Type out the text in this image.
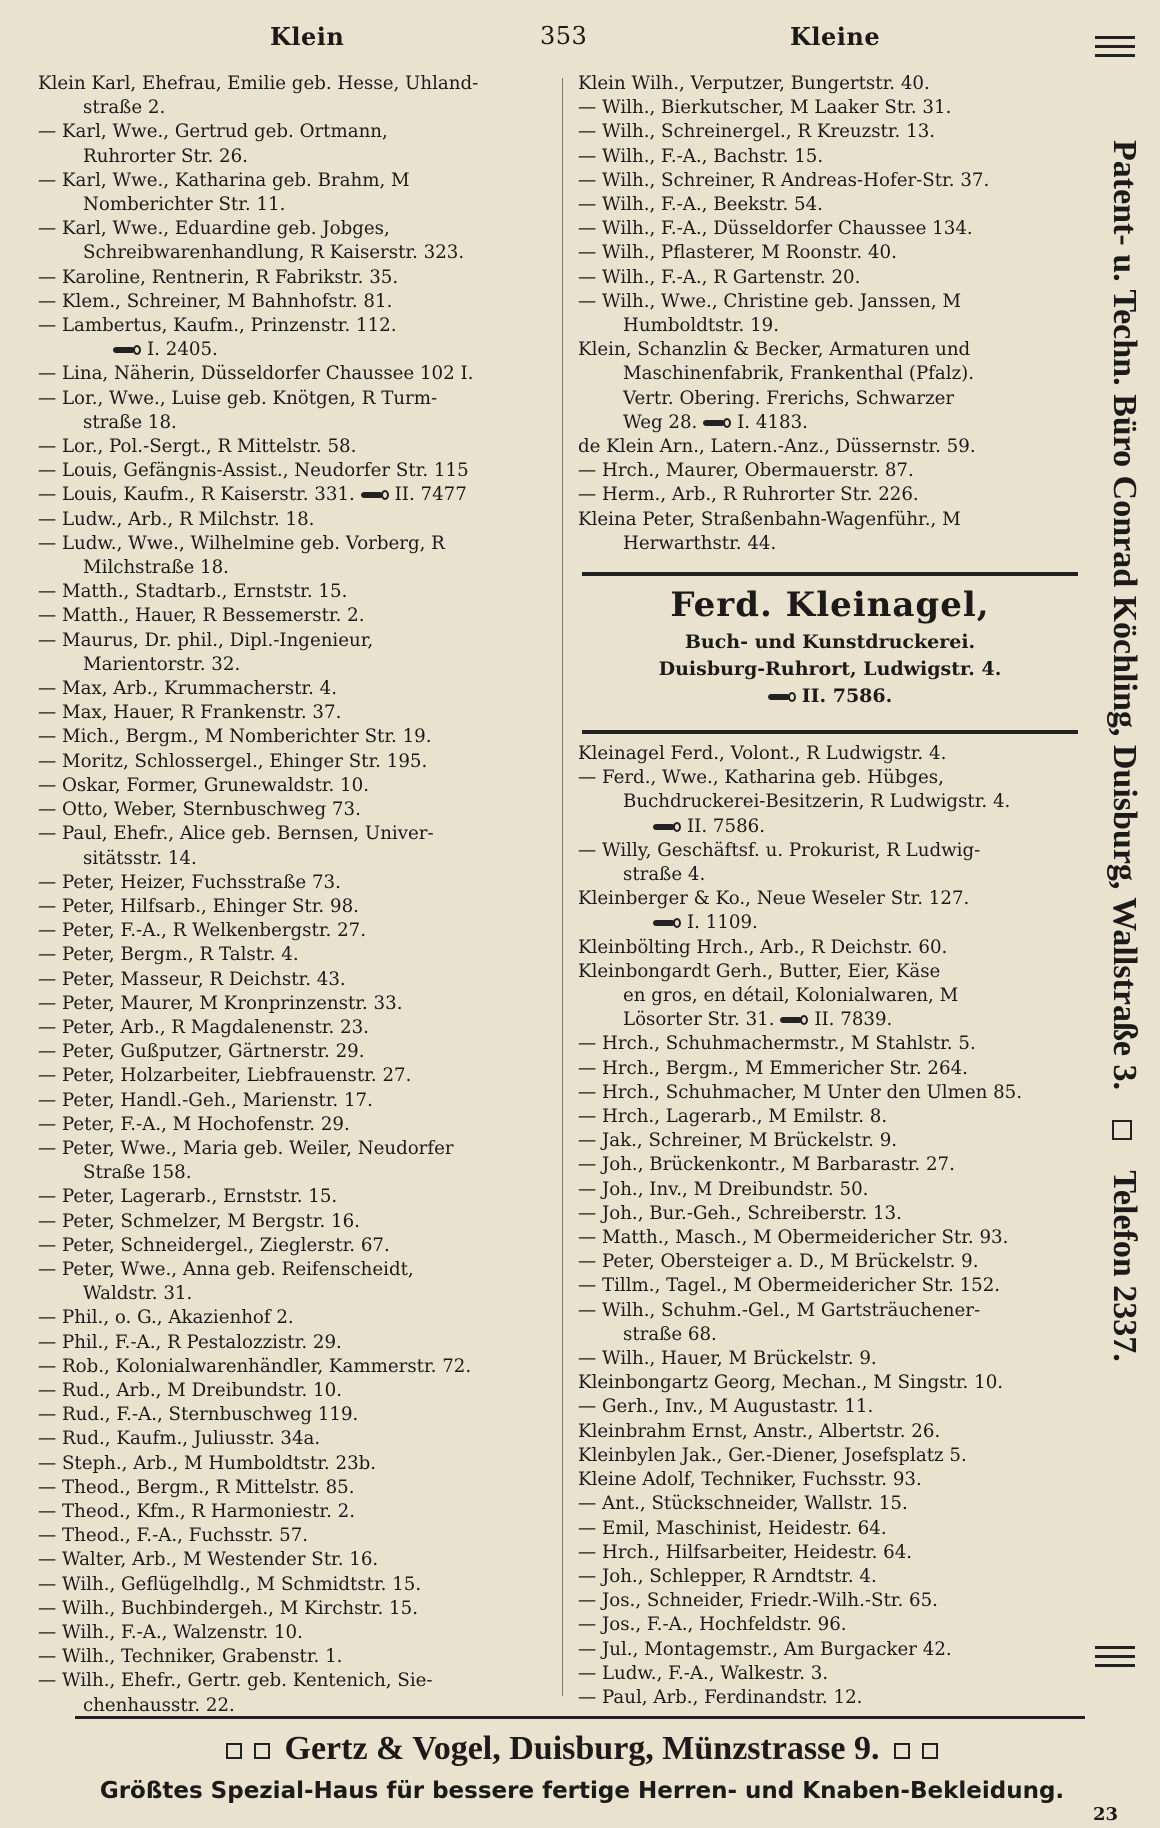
Klein	353	Kleine
Klein Karl, Ehefrau, Emilie geb. Hesse, Uhland-
straße 2.
— Karl, Wwe., Gertrud geb. Ortmann,
Ruhrorter Str. 26.
— Karl, Wwe., Katharina geb. Brahm, M
Nomberichter Str. 11.
— Karl, Wwe., Eduardine geb. Jobges,
Schreibwarenhandlung, R Kaiserstr. 323.
— Karoline, Rentnerin, R Fabrikstr. 35.
— Klem., Schreiner, M Bahnhofstr. 81.
— Lambertus, Kaufm., Prinzenstr. 112.
I. 2405.
— Lina, Näherin, Düsseldorfer Chaussee 102 I.
— Lor., Wwe., Luise geb. Knötgen, R Turm-
straße 18.
— Lor., Pol.-Sergt., R Mittelstr. 58.
— Louis, Gefängnis-Assist., Neudorfer Str. 115
— Louis, Kaufm., R Kaiserstr. 331. II. 7477
— Ludw., Arb., R Milchstr. 18.
— Ludw., Wwe., Wilhelmine geb. Vorberg, R
Milchstraße 18.
— Matth., Stadtarb., Ernststr. 15.
— Matth., Hauer, R Bessemerstr. 2.
— Maurus, Dr. phil., Dipl.-Ingenieur,
Marientorstr. 32.
— Max, Arb., Krummacherstr. 4.
— Max, Hauer, R Frankenstr. 37.
— Mich., Bergm., M Nomberichter Str. 19.
— Moritz, Schlossergel., Ehinger Str. 195.
— Oskar, Former, Grunewaldstr. 10.
— Otto, Weber, Sternbuschweg 73.
— Paul, Ehefr., Alice geb. Bernsen, Univer-
sitätsstr. 14.
— Peter, Heizer, Fuchsstraße 73.
— Peter, Hilfsarb., Ehinger Str. 98.
— Peter, F.-A., R Welkenbergstr. 27.
— Peter, Bergm., R Talstr. 4.
— Peter, Masseur, R Deichstr. 43.
— Peter, Maurer, M Kronprinzenstr. 33.
— Peter, Arb., R Magdalenenstr. 23.
— Peter, Gußputzer, Gärtnerstr. 29.
— Peter, Holzarbeiter, Liebfrauenstr. 27.
— Peter, Handl.-Geh., Marienstr. 17.
— Peter, F.-A., M Hochofenstr. 29.
— Peter, Wwe., Maria geb. Weiler, Neudorfer
Straße 158.
— Peter, Lagerarb., Ernststr. 15.
— Peter, Schmelzer, M Bergstr. 16.
— Peter, Schneidergel., Zieglerstr. 67.
— Peter, Wwe., Anna geb. Reifenscheidt,
Waldstr. 31.
— Phil., o. G., Akazienhof 2.
— Phil., F.-A., R Pestalozzistr. 29.
— Rob., Kolonialwarenhändler, Kammerstr. 72.
— Rud., Arb., M Dreibundstr. 10.
— Rud., F.-A., Sternbuschweg 119.
— Rud., Kaufm., Juliusstr. 34a.
— Steph., Arb., M Humboldtstr. 23b.
— Theod., Bergm., R Mittelstr. 85.
— Theod., Kfm., R Harmoniestr. 2.
— Theod., F.-A., Fuchsstr. 57.
— Walter, Arb., M Westender Str. 16.
— Wilh., Geflügelhdlg., M Schmidtstr. 15.
— Wilh., Buchbindergeh., M Kirchstr. 15.
— Wilh., F.-A., Walzenstr. 10.
— Wilh., Techniker, Grabenstr. 1.
— Wilh., Ehefr., Gertr. geb. Kentenich, Sie-
chenhausstr. 22.
Klein Wilh., Verputzer, Bungertstr. 40.
— Wilh., Bierkutscher, M Laaker Str. 31.
— Wilh., Schreinergel., R Kreuzstr. 13.
— Wilh., F.-A., Bachstr. 15.
— Wilh., Schreiner, R Andreas-Hofer-Str. 37.
— Wilh., F.-A., Beekstr. 54.
— Wilh., F.-A., Düsseldorfer Chaussee 134.
— Wilh., Pflasterer, M Roonstr. 40.
— Wilh., F.-A., R Gartenstr. 20.
— Wilh., Wwe., Christine geb. Janssen, M
Humboldtstr. 19.
Klein, Schanzlin & Becker, Armaturen und
Maschinenfabrik, Frankenthal (Pfalz).
Vertr. Obering. Frerichs, Schwarzer
Weg 28. I. 4183.
de Klein Arn., Latern.-Anz., Düssernstr. 59.
— Hrch., Maurer, Obermauerstr. 87.
— Herm., Arb., R Ruhrorter Str. 226.
Kleina Peter, Straßenbahn-Wagenführ., M
Herwarthstr. 44.
Ferd. Kleinagel,
Buch- und Kunstdruckerei.
Duisburg-Ruhrort, Ludwigstr. 4.
II. 7586.
Kleinagel Ferd., Volont., R Ludwigstr. 4.
— Ferd., Wwe., Katharina geb. Hübges,
Buchdruckerei-Besitzerin, R Ludwigstr. 4.
II. 7586.
— Willy, Geschäftsf. u. Prokurist, R Ludwig-
straße 4.
Kleinberger & Ko., Neue Weseler Str. 127.
I. 1109.
Kleinbölting Hrch., Arb., R Deichstr. 60.
Kleinbongardt Gerh., Butter, Eier, Käse
en gros, en détail, Kolonialwaren, M
Lösorter Str. 31. II. 7839.
— Hrch., Schuhmachermstr., M Stahlstr. 5.
— Hrch., Bergm., M Emmericher Str. 264.
— Hrch., Schuhmacher, M Unter den Ulmen 85.
— Hrch., Lagerarb., M Emilstr. 8.
— Jak., Schreiner, M Brückelstr. 9.
— Joh., Brückenkontr., M Barbarastr. 27.
— Joh., Inv., M Dreibundstr. 50.
— Joh., Bur.-Geh., Schreiberstr. 13.
— Matth., Masch., M Obermeidericher Str. 93.
— Peter, Obersteiger a. D., M Brückelstr. 9.
— Tillm., Tagel., M Obermeidericher Str. 152.
— Wilh., Schuhm.-Gel., M Gartsträuchener-
straße 68.
— Wilh., Hauer, M Brückelstr. 9.
Kleinbongartz Georg, Mechan., M Singstr. 10.
— Gerh., Inv., M Augustastr. 11.
Kleinbrahm Ernst, Anstr., Albertstr. 26.
Kleinbylen Jak., Ger.-Diener, Josefsplatz 5.
Kleine Adolf, Techniker, Fuchsstr. 93.
— Ant., Stückschneider, Wallstr. 15.
— Emil, Maschinist, Heidestr. 64.
— Hrch., Hilfsarbeiter, Heidestr. 64.
— Joh., Schlepper, R Arndtstr. 4.
— Jos., Schneider, Friedr.-Wilh.-Str. 65.
— Jos., F.-A., Hochfeldstr. 96.
— Jul., Montagemstr., Am Burgacker 42.
— Ludw., F.-A., Walkestr. 3.
— Paul, Arb., Ferdinandstr. 12.
Patent- u. Techn. Büro Conrad Köchling, Duisburg, Wallstraße 3.  Telefon 2337.
Gertz & Vogel, Duisburg, Münzstrasse 9.
Größtes Spezial-Haus für bessere fertige Herren- und Knaben-Bekleidung.
23
